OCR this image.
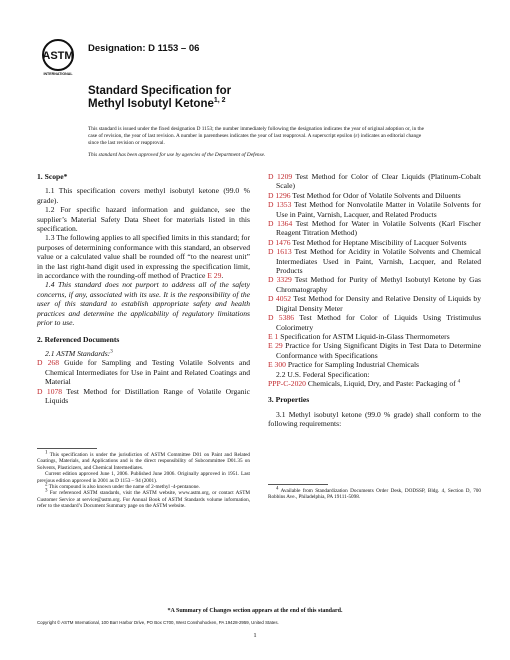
ASTM
INTERNATIONAL
Designation: D 1153 – 06
Standard Specification for
Methyl Isobutyl Ketone$^{1, 2}$
This standard is issued under the fixed designation D 1153; the number immediately following the designation indicates the year of original adoption or, in the case of revision, the year of last revision. A number in parentheses indicates the year of last reapproval. A superscript epsilon (ε) indicates an editorial change since the last revision or reapproval.
This standard has been approved for use by agencies of the Department of Defense.
1. Scope*

1.1 This specification covers methyl isobutyl ketone (99.0 % grade).

1.2 For specific hazard information and guidance, see the supplier’s Material Safety Data Sheet for materials listed in this specification.

1.3 The following applies to all specified limits in this standard; for purposes of determining conformance with this standard, an observed value or a calculated value shall be rounded off “to the nearest unit” in the last right-hand digit used in expressing the specification limit, in accordance with the rounding-off method of Practice E 29.

1.4 This standard does not purport to address all of the safety concerns, if any, associated with its use. It is the responsibility of the user of this standard to establish appropriate safety and health practices and determine the applicability of regulatory limitations prior to use.

2. Referenced Documents

2.1 ASTM Standards:$^3$

D 268 Guide for Sampling and Testing Volatile Solvents and Chemical Intermediates for Use in Paint and Related Coatings and Material

D 1078 Test Method for Distillation Range of Volatile Organic Liquids

D 1209 Test Method for Color of Clear Liquids (Platinum-Cobalt Scale)

D 1296 Test Method for Odor of Volatile Solvents and Diluents

D 1353 Test Method for Nonvolatile Matter in Volatile Solvents for Use in Paint, Varnish, Lacquer, and Related Products

D 1364 Test Method for Water in Volatile Solvents (Karl Fischer Reagent Titration Method)

D 1476 Test Method for Heptane Miscibility of Lacquer Solvents

D 1613 Test Method for Acidity in Volatile Solvents and Chemical Intermediates Used in Paint, Varnish, Lacquer, and Related Products

D 3329 Test Method for Purity of Methyl Isobutyl Ketone by Gas Chromatography

D 4052 Test Method for Density and Relative Density of Liquids by Digital Density Meter

D 5386 Test Method for Color of Liquids Using Tristimulus Colorimetry

E 1 Specification for ASTM Liquid-in-Glass Thermometers

E 29 Practice for Using Significant Digits in Test Data to Determine Conformance with Specifications

E 300 Practice for Sampling Industrial Chemicals

2.2 U.S. Federal Specification:

PPP-C-2020 Chemicals, Liquid, Dry, and Paste: Packaging of $^4$

3. Properties

3.1 Methyl isobutyl ketone (99.0 % grade) shall conform to the following requirements:

$^1$ This specification is under the jurisdiction of ASTM Committee D01 on Paint and Related Coatings, Materials, and Applications and is the direct responsibility of Subcommittee D01.35 on Solvents, Plasticizers, and Chemical Intermediates.

Current edition approved June 1, 2006. Published June 2006. Originally approved in 1951. Last previous edition approved in 2001 as D 1153 – 94 (2001).

$^2$ This compound is also known under the name of 2-methyl -4-pentanone.

$^3$ For referenced ASTM standards, visit the ASTM website, www.astm.org, or contact ASTM Customer Service at service@astm.org. For Annual Book of ASTM Standards volume information, refer to the standard’s Document Summary page on the ASTM website.

$^4$ Available from Standardization Documents Order Desk, DODSSP, Bldg. 4, Section D, 700 Robbins Ave., Philadelphia, PA 19111-5098.

*A Summary of Changes section appears at the end of this standard.
Copyright © ASTM International, 100 Barr Harbor Drive, PO Box C700, West Conshohocken, PA 19428-2959, United States.
1
